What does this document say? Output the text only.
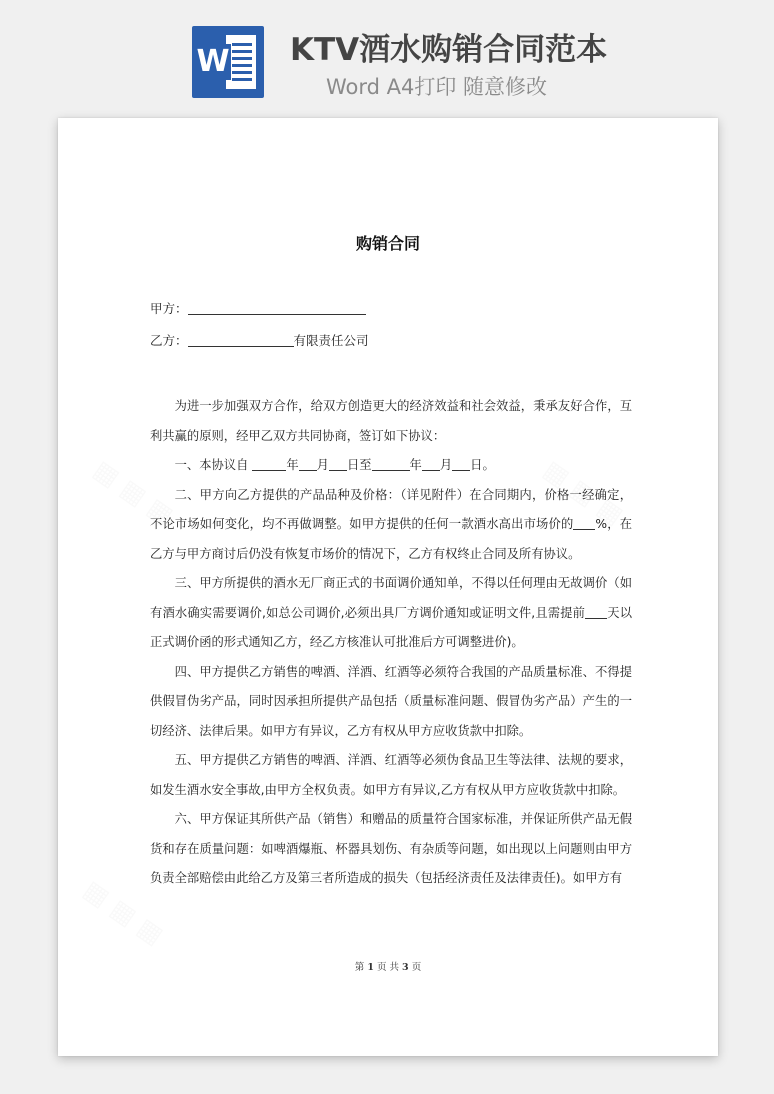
W KTV酒水购销合同范本
Word A4打印 随意修改
购销合同
甲方：
乙方：	有限责任公司

为进一步加强双方合作，给双方创造更大的经济效益和社会效益，秉承友好合作，互利共赢的原则，经甲乙双方共同协商，签订如下协议：

一、本协议自	年 月 日至	年 月 日。

二、甲方向乙方提供的产品品种及价格：（详见附件）在合同期内，价格一经确定，不论市场如何变化，均不再做调整。如甲方提供的任何一款酒水高出市场价的 %，在乙方与甲方商讨后仍没有恢复市场价的情况下，乙方有权终止合同及所有协议。

三、甲方所提供的酒水无厂商正式的书面调价通知单，不得以任何理由无故调价（如有酒水确实需要调价,如总公司调价,必须出具厂方调价通知或证明文件,且需提前 天以正式调价函的形式通知乙方，经乙方核准认可批准后方可调整进价)。

四、甲方提供乙方销售的啤酒、洋酒、红酒等必须符合我国的产品质量标准、不得提供假冒伪劣产品，同时因承担所提供产品包括（质量标准问题、假冒伪劣产品）产生的一切经济、法律后果。如甲方有异议，乙方有权从甲方应收货款中扣除。

五、甲方提供乙方销售的啤酒、洋酒、红酒等必须伪食品卫生等法律、法规的要求，如发生酒水安全事故,由甲方全权负责。如甲方有异议,乙方有权从甲方应收货款中扣除。

六、甲方保证其所供产品（销售）和赠品的质量符合国家标准，并保证所供产品无假货和存在质量问题：如啤酒爆瓶、杯器具划伤、有杂质等问题，如出现以上问题则由甲方负责全部赔偿由此给乙方及第三者所造成的损失（包括经济责任及法律责任)。如甲方有

第 1 页 共 3 页
